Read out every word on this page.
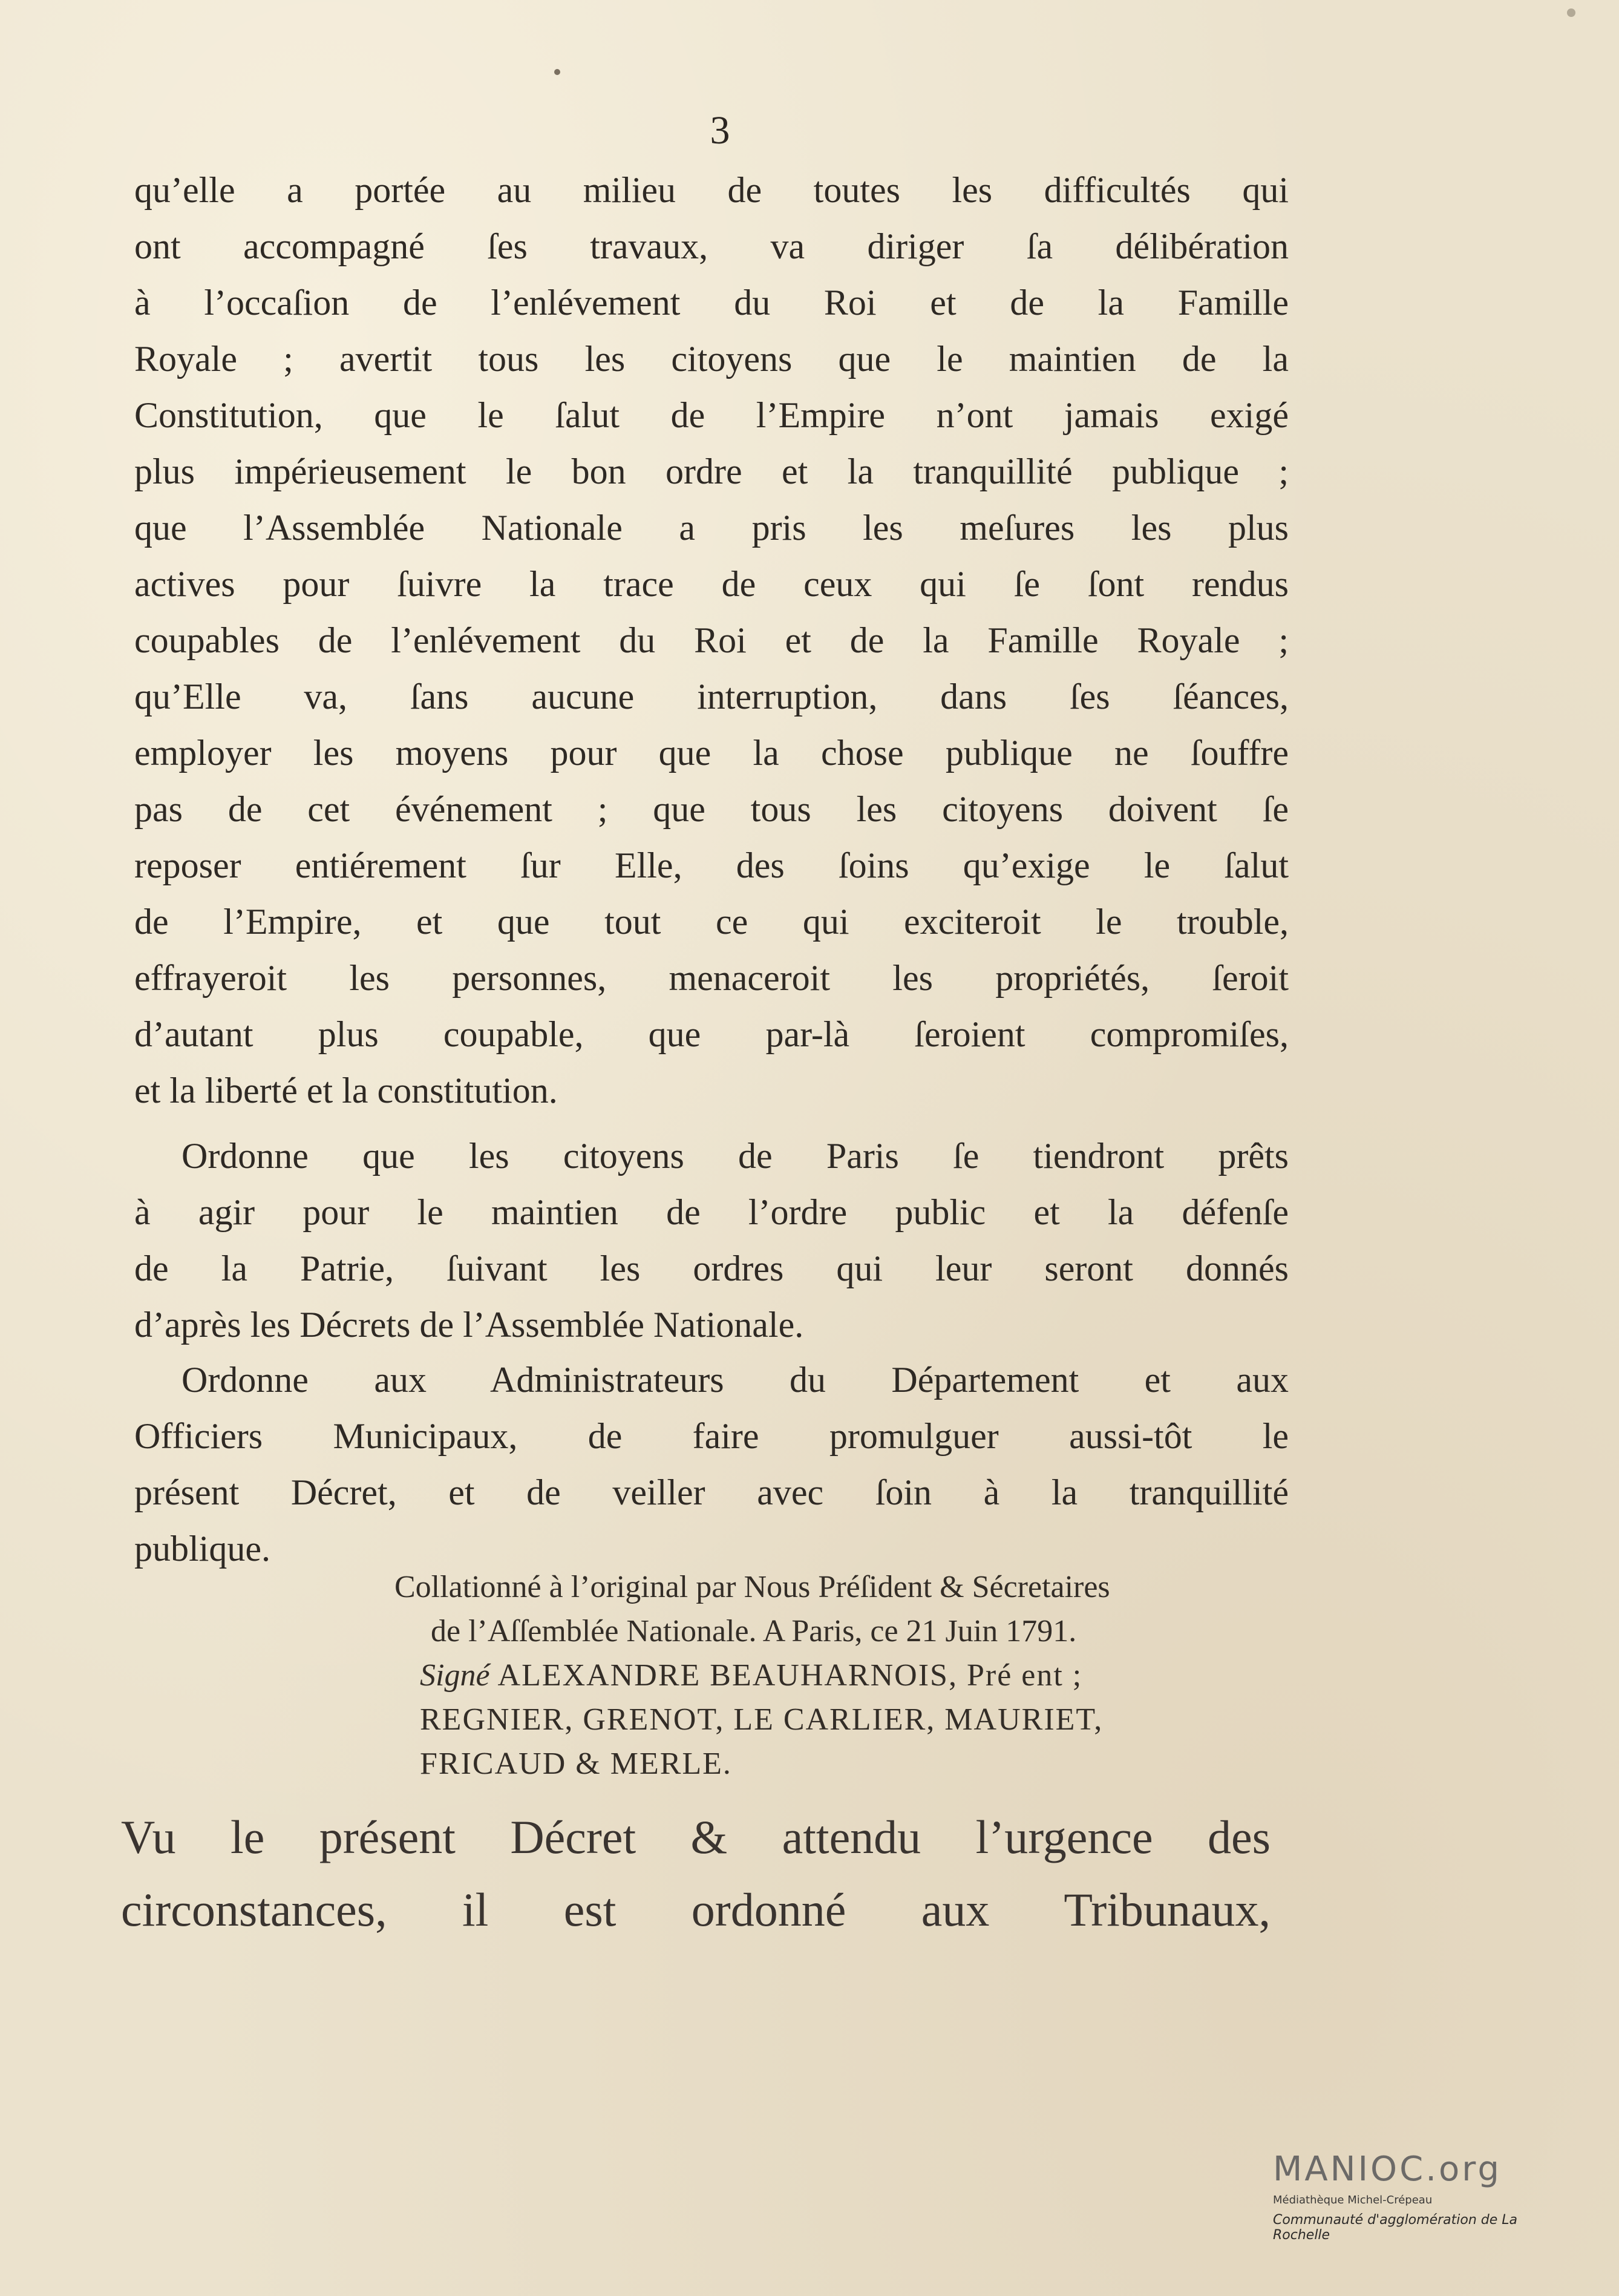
3
qu’elle a portée au milieu de toutes les difficultés qui
ont accompagné ſes travaux, va diriger ſa délibération
à l’occaſion de l’enlévement du Roi et de la Famille
Royale ; avertit tous les citoyens que le maintien de la
Constitution, que le ſalut de l’Empire n’ont jamais exigé
plus impérieusement le bon ordre et la tranquillité publique ;
que l’Assemblée Nationale a pris les meſures les plus
actives pour ſuivre la trace de ceux qui ſe ſont rendus
coupables de l’enlévement du Roi et de la Famille Royale ;
qu’Elle va, ſans aucune interruption, dans ſes ſéances,
employer les moyens pour que la chose publique ne ſouffre
pas de cet événement ; que tous les citoyens doivent ſe
reposer entiérement ſur Elle, des ſoins qu’exige le ſalut
de l’Empire, et que tout ce qui exciteroit le trouble,
effrayeroit les personnes, menaceroit les propriétés, ſeroit
d’autant plus coupable, que par-là ſeroient compromiſes,
et la liberté et la constitution.
Ordonne que les citoyens de Paris ſe tiendront prêts
à agir pour le maintien de l’ordre public et la défenſe
de la Patrie, ſuivant les ordres qui leur seront donnés
d’après les Décrets de l’Assemblée Nationale.
Ordonne aux Administrateurs du Département et aux
Officiers Municipaux, de faire promulguer aussi-tôt le
présent Décret, et de veiller avec ſoin à la tranquillité
publique.
Collationné à l’original par Nous Préſident & Sécretaires
de l’Aſſemblée Nationale. A Paris, ce 21 Juin 1791.
Signé ALEXANDRE BEAUHARNOIS, Pré ent ;
REGNIER, GRENOT, LE CARLIER, MAURIET,
FRICAUD & MERLE.
Vu le présent Décret & attendu l’urgence des
circonstances, il est ordonné aux Tribunaux,
MANIOC.org
Médiathèque Michel-Crépeau
Communauté d'agglomération de La Rochelle
